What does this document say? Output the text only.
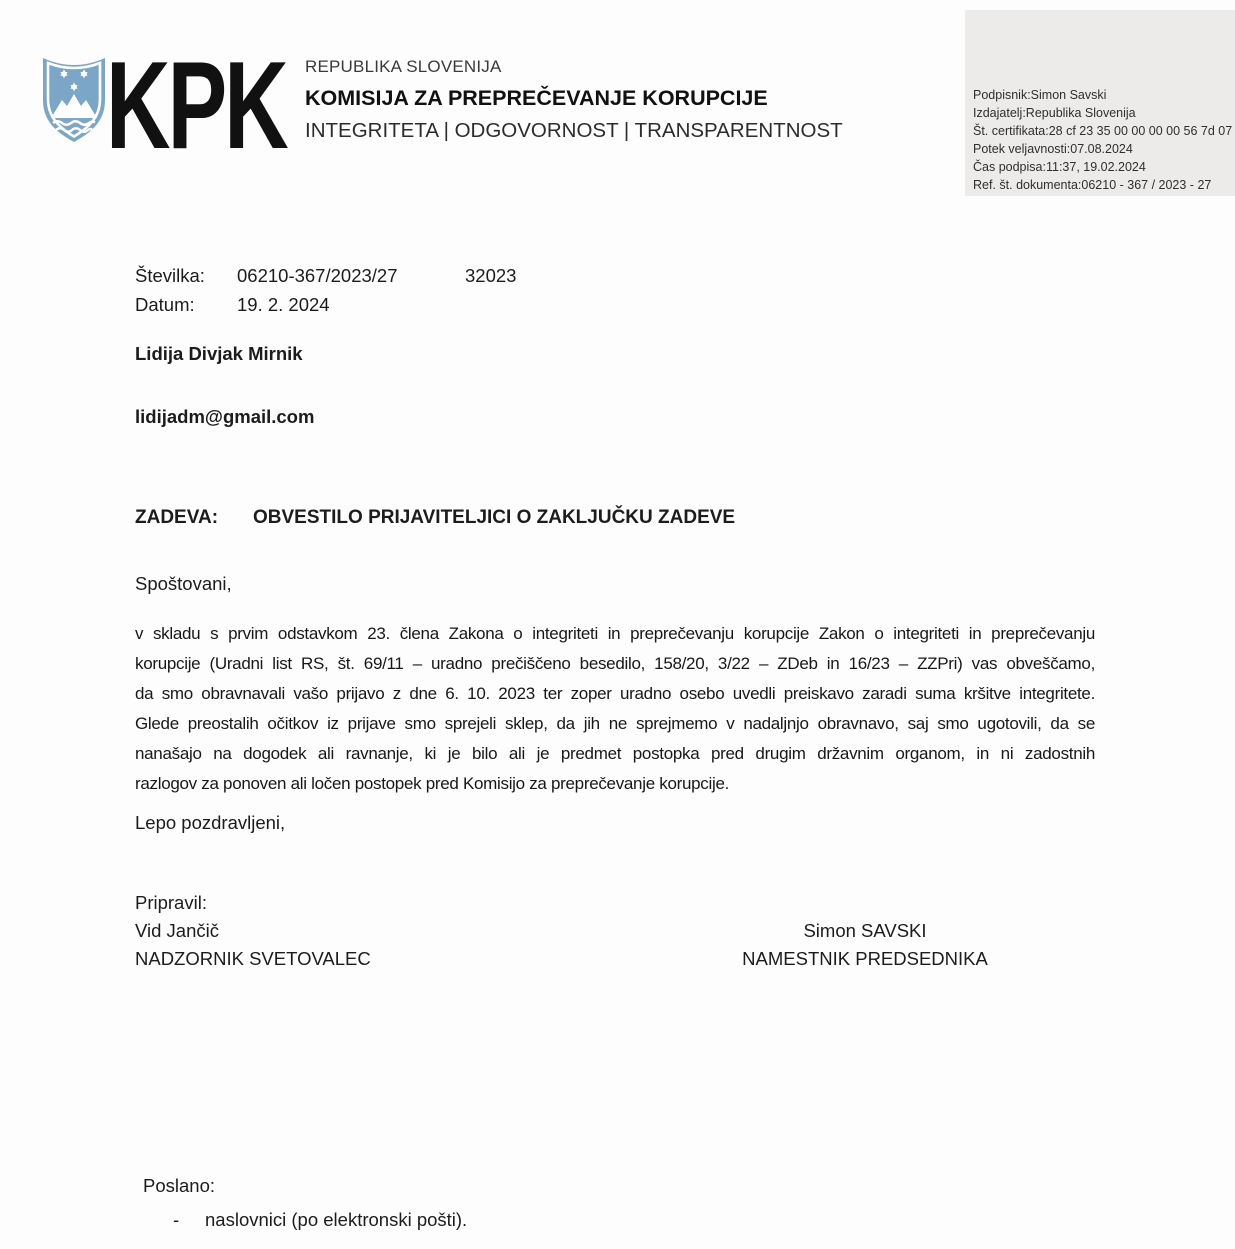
Podpisnik:Simon Savski
Izdajatelj:Republika Slovenija
Št. certifikata:28 cf 23 35 00 00 00 00 56 7d 07
Potek veljavnosti:07.08.2024
Čas podpisa:11:37, 19.02.2024
Ref. št. dokumenta:06210 - 367 / 2023 - 27
KPK REPUBLIKA SLOVENIJA
KOMISIJA ZA PREPREČEVANJE KORUPCIJE
INTEGRITETA | ODGOVORNOST | TRANSPARENTNOST
Številka: 06210-367/2023/27	32023
Datum: 19. 2. 2024
Lidija Divjak Mirnik
lidijadm@gmail.com
ZADEVA: OBVESTILO PRIJAVITELJICI O ZAKLJUČKU ZADEVE
Spoštovani,
v skladu s prvim odstavkom 23. člena Zakona o integriteti in preprečevanju korupcije Zakon o integriteti in preprečevanju
korupcije (Uradni list RS, št. 69/11 – uradno prečiščeno besedilo, 158/20, 3/22 – ZDeb in 16/23 – ZZPri) vas obveščamo,
da smo obravnavali vašo prijavo z dne 6. 10. 2023 ter zoper uradno osebo uvedli preiskavo zaradi suma kršitve integritete.
Glede preostalih očitkov iz prijave smo sprejeli sklep, da jih ne sprejmemo v nadaljnjo obravnavo, saj smo ugotovili, da se
nanašajo na dogodek ali ravnanje, ki je bilo ali je predmet postopka pred drugim državnim organom, in ni zadostnih
razlogov za ponoven ali ločen postopek pred Komisijo za preprečevanje korupcije.
Lepo pozdravljeni,
Pripravil:
Vid Jančič
NADZORNIK SVETOVALEC
Simon SAVSKI
NAMESTNIK PREDSEDNIKA
Poslano:
- naslovnici (po elektronski pošti).
